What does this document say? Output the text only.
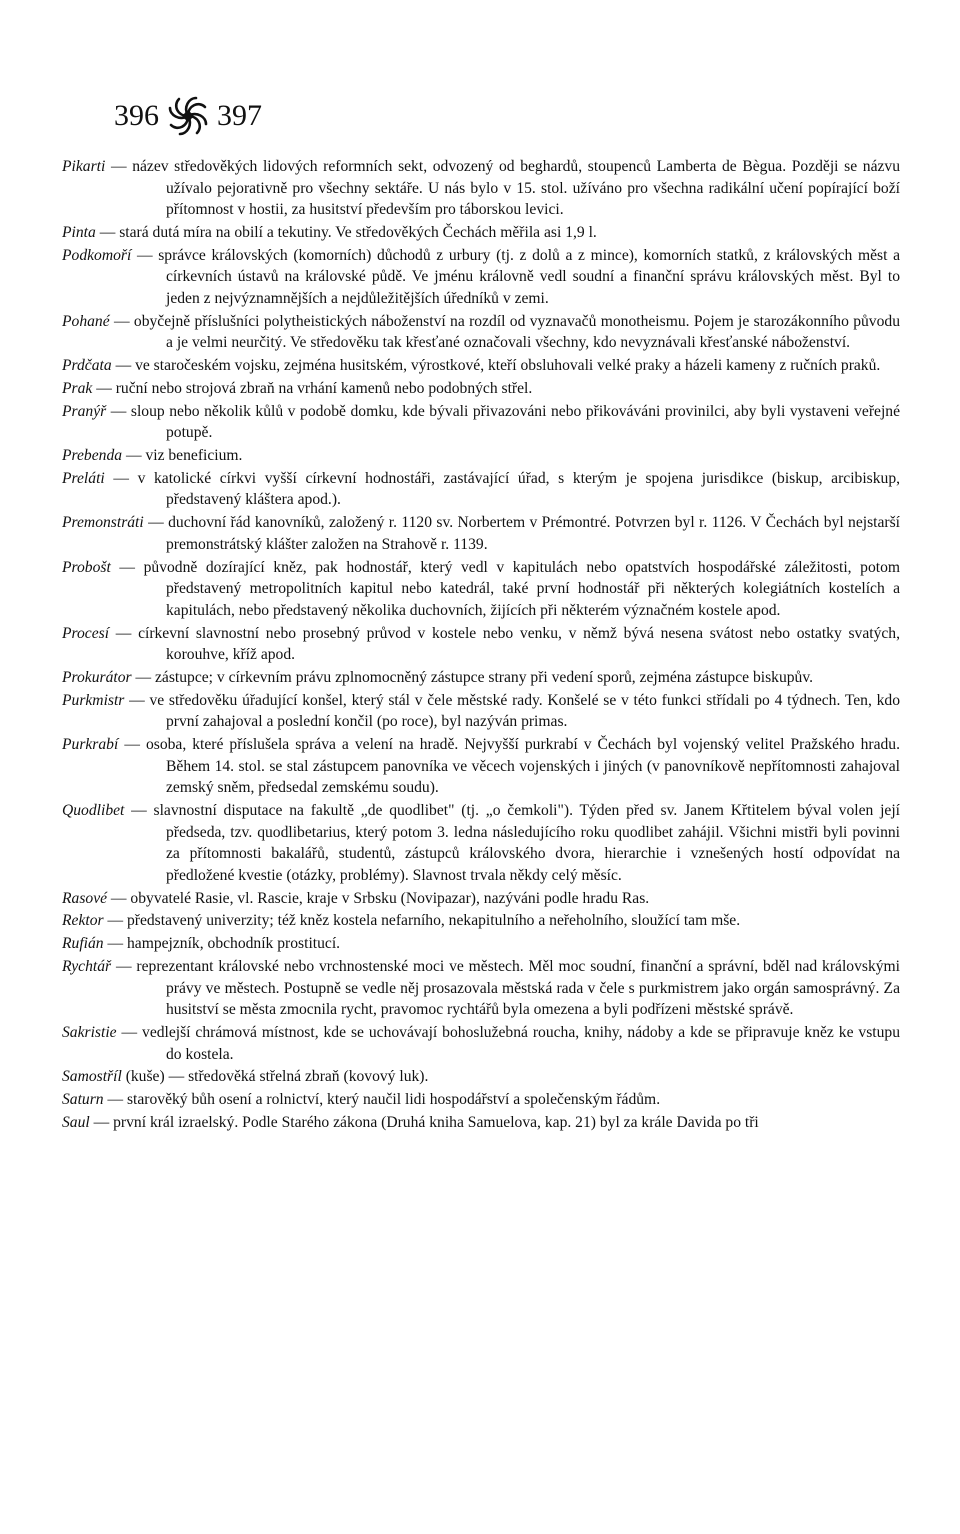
396 397

Pikarti — název středověkých lidových reformních sekt, odvozený od beghardů, stoupenců Lamberta de Bègua. Později se názvu užívalo pejorativně pro všechny sektáře. U nás bylo v 15. stol. užíváno pro všechna radikální učení popírající boží přítomnost v hostii, za husitství především pro táborskou levici.

Pinta — stará dutá míra na obilí a tekutiny. Ve středověkých Čechách měřila asi 1,9 l.

Podkomoří — správce královských (komorních) důchodů z urbury (tj. z dolů a z mince), komorních statků, z královských měst a církevních ústavů na královské půdě. Ve jménu královně vedl soudní a finanční správu královských měst. Byl to jeden z nejvýznamnějších a nejdůležitějších úředníků v zemi.

Pohané — obyčejně příslušníci polytheistických náboženství na rozdíl od vyznavačů monotheismu. Pojem je starozákonního původu a je velmi neurčitý. Ve středověku tak křesťané označovali všechny, kdo nevyznávali křesťanské náboženství.

Prdčata — ve staročeském vojsku, zejména husitském, výrostkové, kteří obsluhovali velké praky a házeli kameny z ručních praků.

Prak — ruční nebo strojová zbraň na vrhání kamenů nebo podobných střel.

Pranýř — sloup nebo několik kůlů v podobě domku, kde bývali přivazováni nebo přikováváni provinilci, aby byli vystaveni veřejné potupě.

Prebenda — viz beneficium.

Preláti — v katolické církvi vyšší církevní hodnostáři, zastávající úřad, s kterým je spojena jurisdikce (biskup, arcibiskup, představený kláštera apod.).

Premonstráti — duchovní řád kanovníků, založený r. 1120 sv. Norbertem v Prémontré. Potvrzen byl r. 1126. V Čechách byl nejstarší premonstrátský klášter založen na Strahově r. 1139.

Probošt — původně dozírající kněz, pak hodnostář, který vedl v kapitulách nebo opatstvích hospodářské záležitosti, potom představený metropolitních kapitul nebo katedrál, také první hodnostář při některých kolegiátních kostelích a kapitulách, nebo představený několika duchovních, žijících při některém význačném kostele apod.

Procesí — církevní slavnostní nebo prosebný průvod v kostele nebo venku, v němž bývá nesena svátost nebo ostatky svatých, korouhve, kříž apod.

Prokurátor — zástupce; v církevním právu zplnomocněný zástupce strany při vedení sporů, zejména zástupce biskupův.

Purkmistr — ve středověku úřadující konšel, který stál v čele městské rady. Konšelé se v této funkci střídali po 4 týdnech. Ten, kdo první zahajoval a poslední končil (po roce), byl nazýván primas.

Purkrabí — osoba, které příslušela správa a velení na hradě. Nejvyšší purkrabí v Čechách byl vojenský velitel Pražského hradu. Během 14. stol. se stal zástupcem panovníka ve věcech vojenských i jiných (v panovníkově nepřítomnosti zahajoval zemský sněm, předsedal zemskému soudu).

Quodlibet — slavnostní disputace na fakultě „de quodlibet" (tj. „o čemkoli"). Týden před sv. Janem Křtitelem býval volen její předseda, tzv. quodlibetarius, který potom 3. ledna následujícího roku quodlibet zahájil. Všichni mistři byli povinni za přítomnosti bakalářů, studentů, zástupců královského dvora, hierarchie i vznešených hostí odpovídat na předložené kvestie (otázky, problémy). Slavnost trvala někdy celý měsíc.

Rasové — obyvatelé Rasie, vl. Rascie, kraje v Srbsku (Novipazar), nazýváni podle hradu Ras.

Rektor — představený univerzity; též kněz kostela nefarního, nekapitulního a neřeholního, sloužící tam mše.

Rufián — hampejzník, obchodník prostitucí.

Rychtář — reprezentant královské nebo vrchnostenské moci ve městech. Měl moc soudní, finanční a správní, bděl nad královskými právy ve městech. Postupně se vedle něj prosazovala městská rada v čele s purkmistrem jako orgán samosprávný. Za husitství se města zmocnila rycht, pravomoc rychtářů byla omezena a byli podřízeni městské správě.

Sakristie — vedlejší chrámová místnost, kde se uchovávají bohoslužebná roucha, knihy, nádoby a kde se připravuje kněz ke vstupu do kostela.

Samostříl (kuše) — středověká střelná zbraň (kovový luk).

Saturn — starověký bůh osení a rolnictví, který naučil lidi hospodářství a společenským řádům.

Saul — první král izraelský. Podle Starého zákona (Druhá kniha Samuelova, kap. 21) byl za krále Davida po tři
